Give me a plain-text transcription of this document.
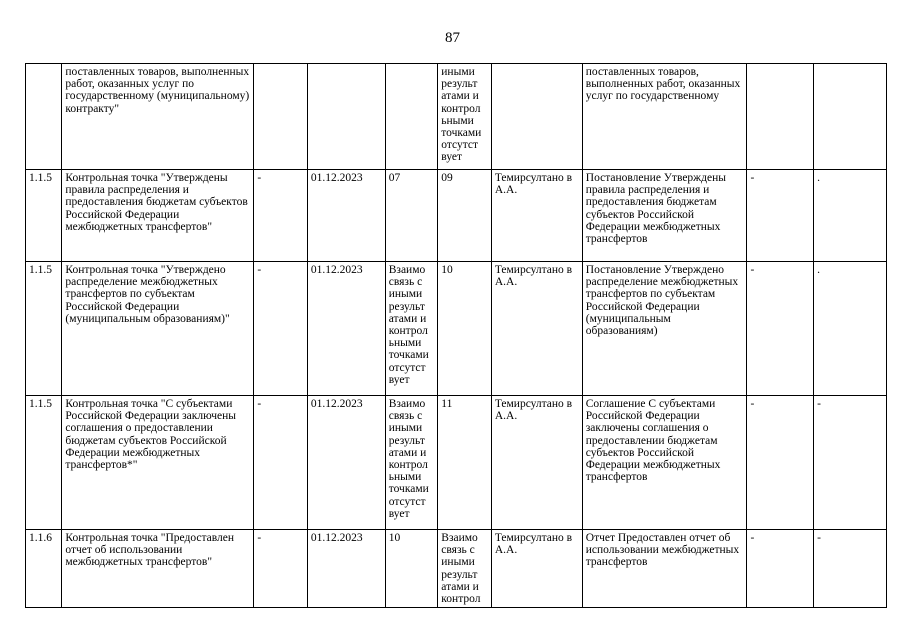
87
	поставленных товаров, выполненных работ, оказанных услуг по государственному (муниципальному) контракту"				иными результ атами и контрол ьными точками отсутст вует		поставленных товаров, выполненных работ, оказанных услуг по государственному		
1.1.5	Контрольная точка "Утверждены правила распределения и предоставления бюджетам субъектов Российской Федерации межбюджетных трансфертов"	-	01.12.2023	07	09	Темирсултано в А.А.	Постановление Утверждены правила распределения и предоставления бюджетам субъектов Российской Федерации межбюджетных трансфертов	-	.
1.1.5	Контрольная точка "Утверждено распределение межбюджетных трансфертов по субъектам Российской Федерации (муниципальным образованиям)"	-	01.12.2023	Взаимо связь с иными результ атами и контрол ьными точками отсутст вует	10	Темирсултано в А.А.	Постановление Утверждено распределение межбюджетных трансфертов по субъектам Российской Федерации (муниципальным образованиям)	-	.
1.1.5	Контрольная точка "С субъектами Российской Федерации заключены соглашения о предоставлении бюджетам субъектов Российской Федерации межбюджетных трансфертов*"	-	01.12.2023	Взаимо связь с иными результ атами и контрол ьными точками отсутст вует	11	Темирсултано в А.А.	Соглашение С субъектами Российской Федерации заключены соглашения о предоставлении бюджетам субъектов Российской Федерации межбюджетных трансфертов	-	-
1.1.6	Контрольная точка "Предоставлен отчет об использовании межбюджетных трансфертов"	-	01.12.2023	10	Взаимо связь с иными результ атами и контрол	Темирсултано в А.А.	Отчет Предоставлен отчет об использовании межбюджетных трансфертов	-	-
